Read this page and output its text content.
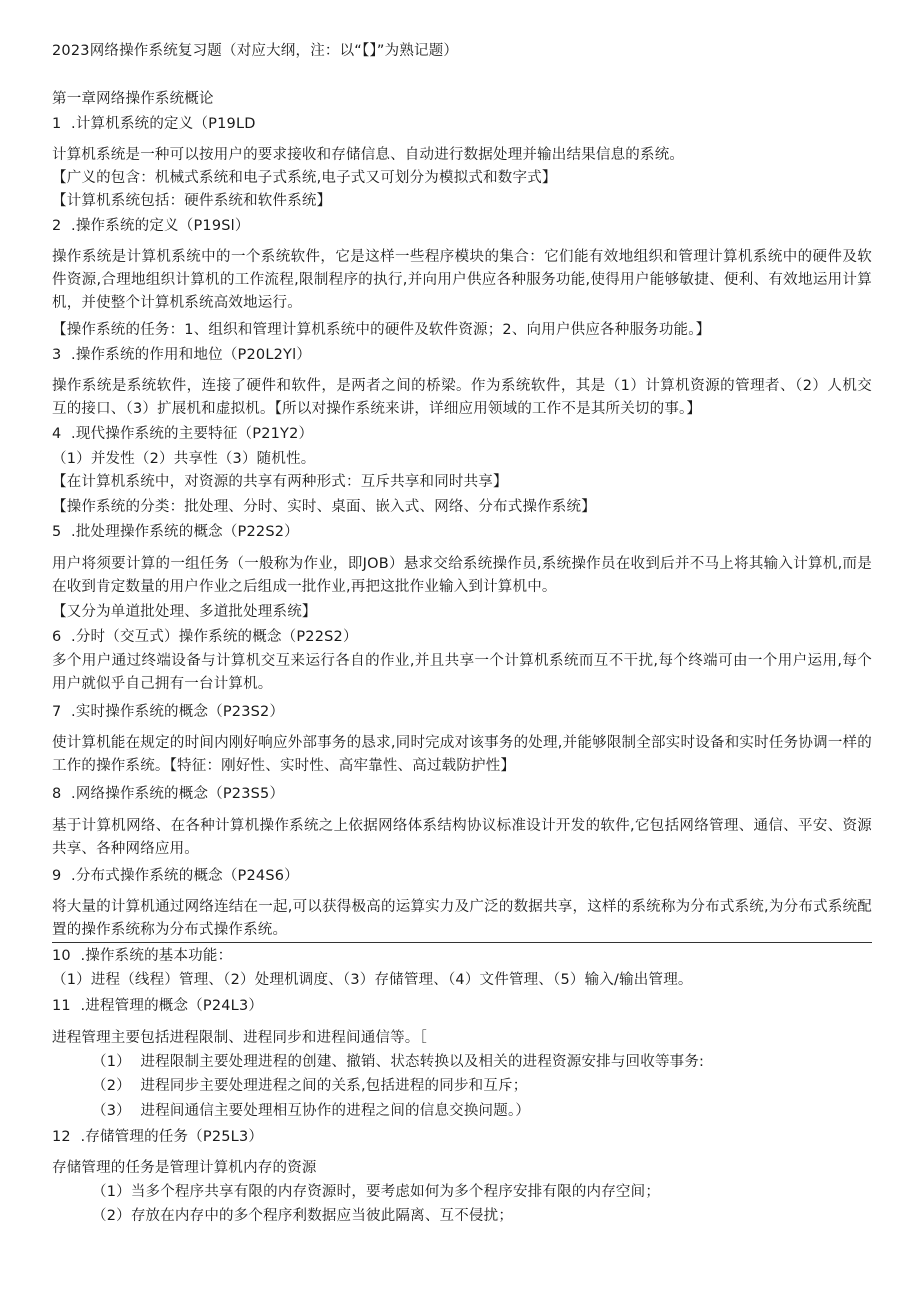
2023网络操作系统复习题（对应大纲，注：以“【】”为熟记题）
第一章网络操作系统概论
1  .计算机系统的定义（P19LD
计算机系统是一种可以按用户的要求接收和存储信息、自动进行数据处理并输出结果信息的系统。
【广义的包含：机械式系统和电子式系统,电子式又可划分为模拟式和数字式】
【计算机系统包括：硬件系统和软件系统】
2  .操作系统的定义（P19Sl）
操作系统是计算机系统中的一个系统软件，它是这样一些程序模块的集合：它们能有效地组织和管理计算机系统中的硬件及软件资源,合理地组织计算机的工作流程,限制程序的执行,并向用户供应各种服务功能,使得用户能够敏捷、便利、有效地运用计算机，并使整个计算机系统高效地运行。
【操作系统的任务：1、组织和管理计算机系统中的硬件及软件资源；2、向用户供应各种服务功能。】
3  .操作系统的作用和地位（P20L2Yl）
操作系统是系统软件，连接了硬件和软件，是两者之间的桥梁。作为系统软件，其是（1）计算机资源的管理者、（2）人机交互的接口、（3）扩展机和虚拟机。【所以对操作系统来讲，详细应用领域的工作不是其所关切的事。】
4  .现代操作系统的主要特征（P21Y2）
（1）并发性（2）共享性（3）随机性。
【在计算机系统中，对资源的共享有两种形式：互斥共享和同时共享】
【操作系统的分类：批处理、分时、实时、桌面、嵌入式、网络、分布式操作系统】
5  .批处理操作系统的概念（P22S2）
用户将须要计算的一组任务（一般称为作业，即JOB）悬求交给系统操作员,系统操作员在收到后并不马上将其输入计算机,而是在收到肯定数量的用户作业之后组成一批作业,再把这批作业输入到计算机中。
【又分为单道批处理、多道批处理系统】
6  .分时（交互式）操作系统的概念（P22S2）
多个用户通过终端设备与计算机交互来运行各自的作业,并且共享一个计算机系统而互不干扰,每个终端可由一个用户运用,每个用户就似乎自己拥有一台计算机。
7  .实时操作系统的概念（P23S2）
使计算机能在规定的时间内刚好响应外部事务的恳求,同时完成对该事务的处理,并能够限制全部实时设备和实时任务协调一样的工作的操作系统。【特征：刚好性、实时性、高牢靠性、高过载防护性】
8  .网络操作系统的概念（P23S5）
基于计算机网络、在各种计算机操作系统之上依据网络体系结构协议标准设计开发的软件,它包括网络管理、通信、平安、资源共享、各种网络应用。
9  .分布式操作系统的概念（P24S6）
将大量的计算机通过网络连结在一起,可以获得极高的运算实力及广泛的数据共享，这样的系统称为分布式系统,为分布式系统配置的操作系统称为分布式操作系统。
10  .操作系统的基本功能：
（1）进程（线程）管理、（2）处理机调度、（3）存储管理、（4）文件管理、（5）输入/输出管理。
11  .进程管理的概念（P24L3）
进程管理主要包括进程限制、进程同步和进程间通信等。［
（1）  进程限制主要处理进程的创建、撤销、状态转换以及相关的进程资源安排与回收等事务:
（2）  进程同步主要处理进程之间的关系,包括进程的同步和互斥；
（3）  进程间通信主要处理相互协作的进程之间的信息交换问题。）
12  .存储管理的任务（P25L3）
存储管理的任务是管理计算机内存的资源
（1）当多个程序共享有限的内存资源时，要考虑如何为多个程序安排有限的内存空间；
（2）存放在内存中的多个程序利数据应当彼此隔离、互不侵扰；
